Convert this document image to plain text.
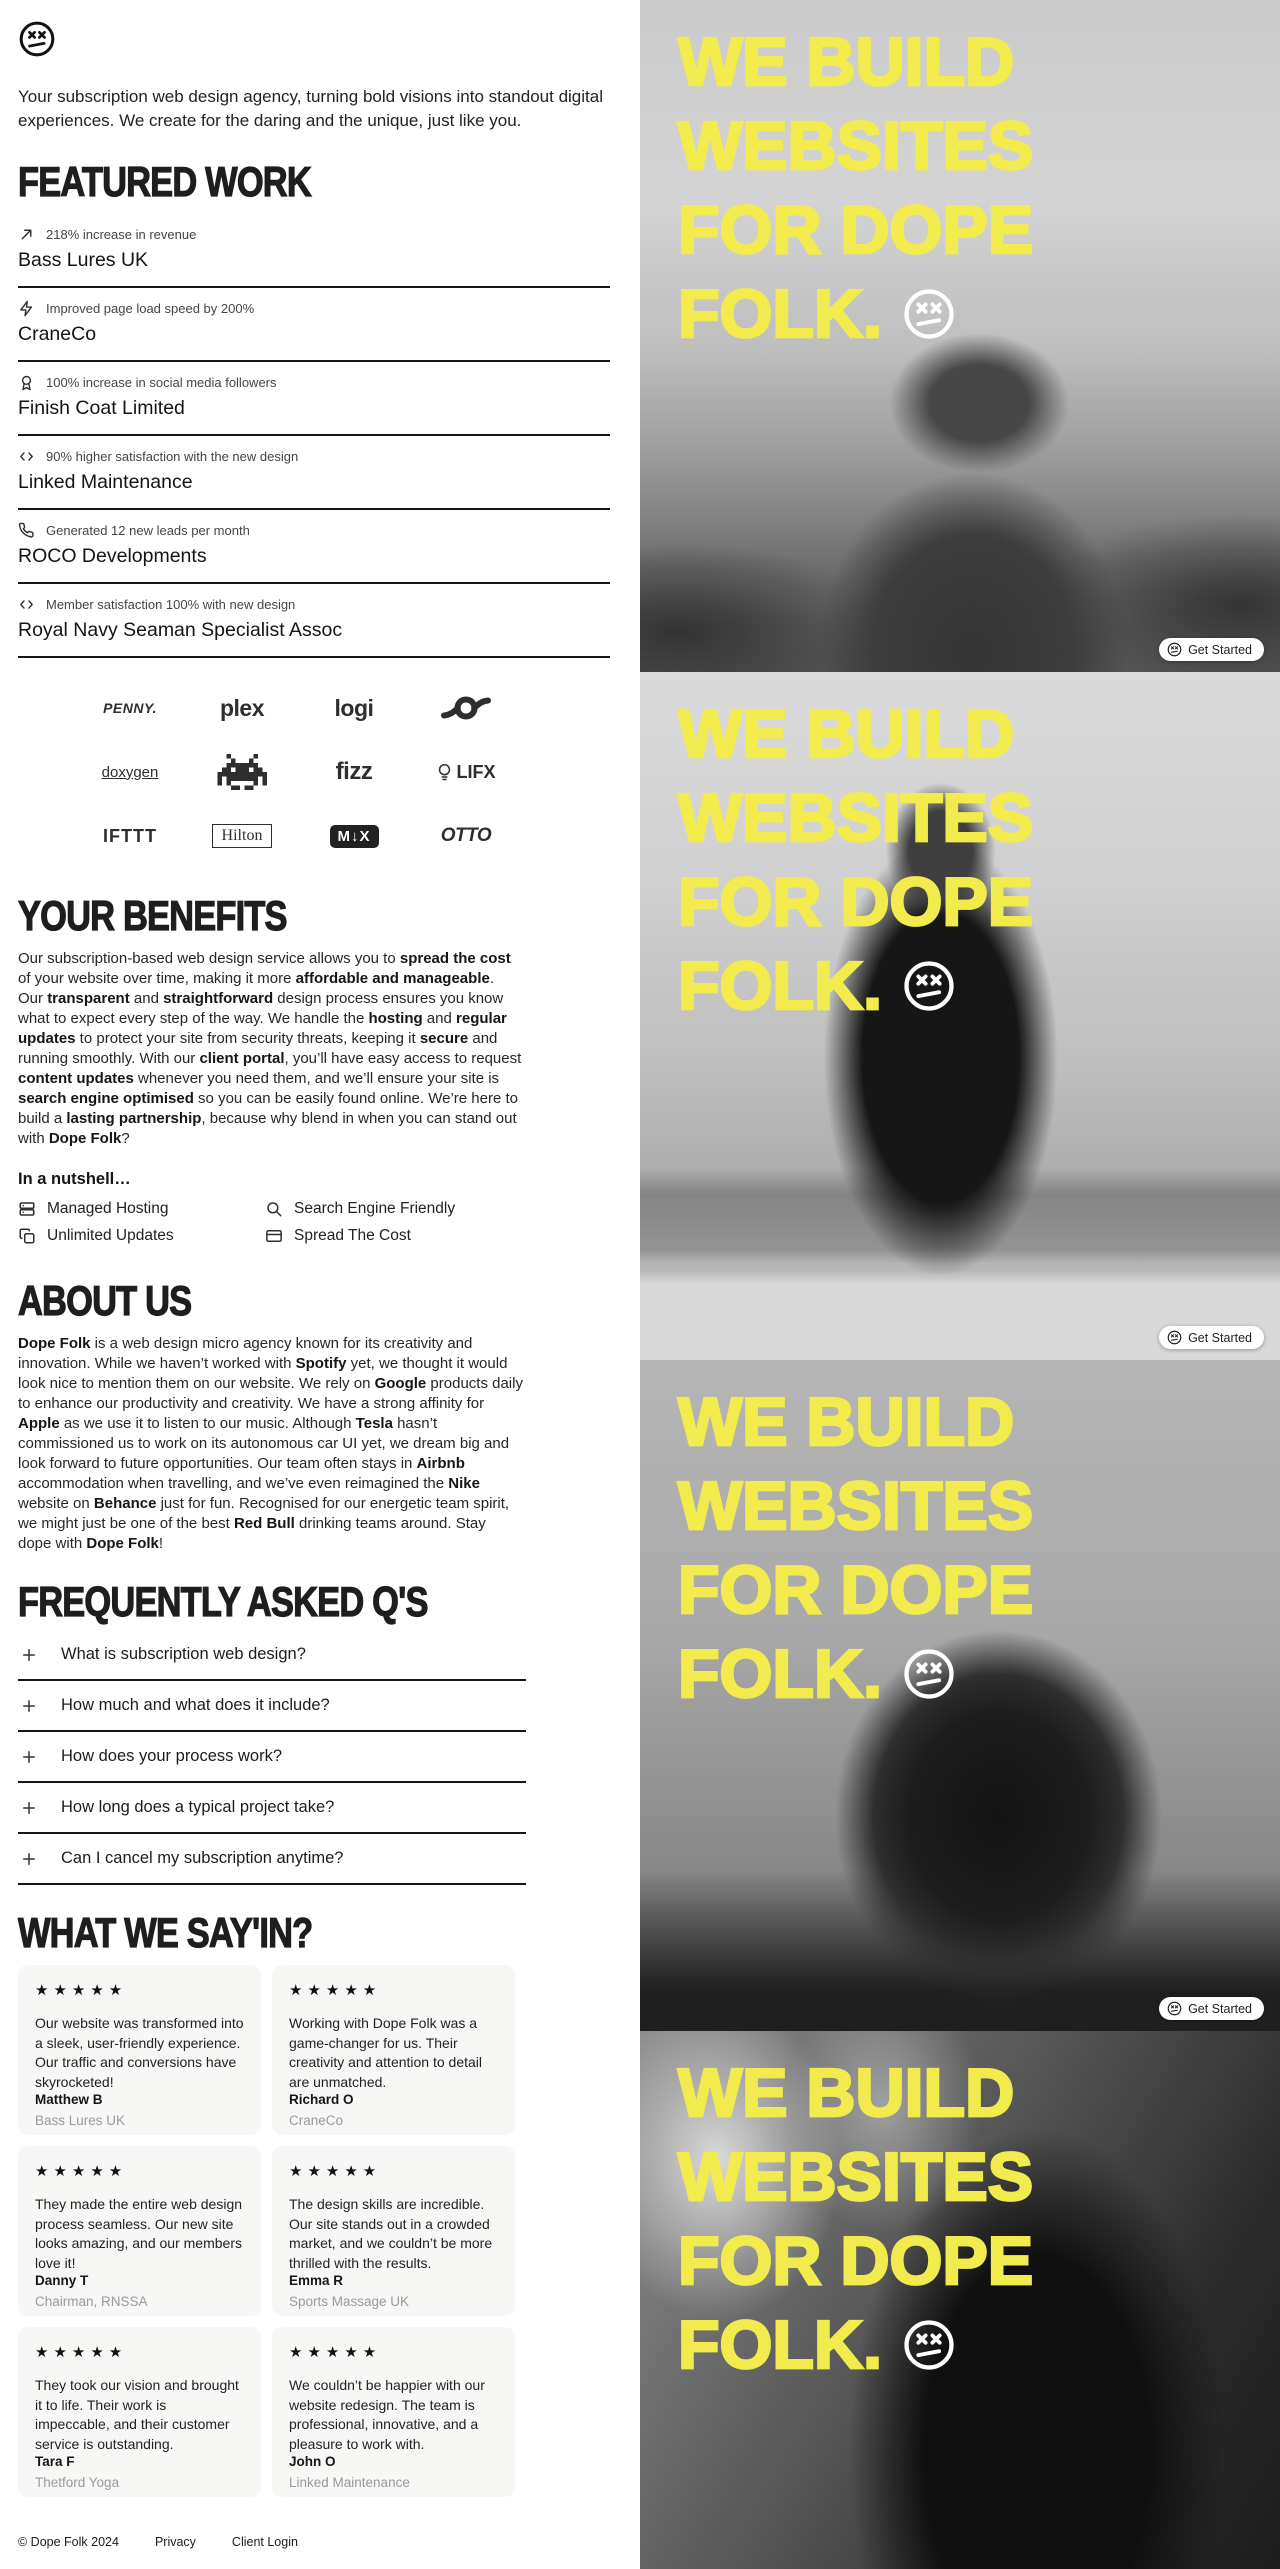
Your subscription web design agency, turning bold visions into standout digital experiences. We create for the daring and the unique, just like you.

FEATURED WORK
218% increase in revenue
Bass Lures UK
Improved page load speed by 200%
CraneCo
100% increase in social media followers
Finish Coat Limited
90% higher satisfaction with the new design
Linked Maintenance
Generated 12 new leads per month
ROCO Developments
Member satisfaction 100% with new design
Royal Navy Seaman Specialist Assoc
PENNY.	plex	logi
doxygen	fizz	LIFX
IFTTT	Hilton	M↓X	OTTO
YOUR BENEFITS

Our subscription-based web design service allows you to spread the cost of your website over time, making it more affordable and manageable. Our transparent and straightforward design process ensures you know what to expect every step of the way. We handle the hosting and regular updates to protect your site from security threats, keeping it secure and running smoothly. With our client portal, you’ll have easy access to request content updates whenever you need them, and we’ll ensure your site is search engine optimised so you can be easily found online. We’re here to build a lasting partnership, because why blend in when you can stand out with Dope Folk?

In a nutshell…

Managed Hosting	Search Engine Friendly
Unlimited Updates	Spread The Cost
ABOUT US

Dope Folk is a web design micro agency known for its creativity and innovation. While we haven’t worked with Spotify yet, we thought it would look nice to mention them on our website. We rely on Google products daily to enhance our productivity and creativity. We have a strong affinity for Apple as we use it to listen to our music. Although Tesla hasn’t commissioned us to work on its autonomous car UI yet, we dream big and look forward to future opportunities. Our team often stays in Airbnb accommodation when travelling, and we’ve even reimagined the Nike website on Behance just for fun. Recognised for our energetic team spirit, we might just be one of the best Red Bull drinking teams around. Stay dope with Dope Folk!

FREQUENTLY ASKED Q'S
What is subscription web design?
How much and what does it include?
How does your process work?
How long does a typical project take?
Can I cancel my subscription anytime?
WHAT WE SAY'IN?
★★★★★
Our website was transformed into a sleek, user-friendly experience. Our traffic and conversions have skyrocketed!
Matthew B
Bass Lures UK
★★★★★
Working with Dope Folk was a game-changer for us. Their creativity and attention to detail are unmatched.
Richard O
CraneCo
★★★★★
They made the entire web design process seamless. Our new site looks amazing, and our members love it!
Danny T
Chairman, RNSSA
★★★★★
The design skills are incredible. Our site stands out in a crowded market, and we couldn’t be more thrilled with the results.
Emma R
Sports Massage UK
★★★★★
They took our vision and brought it to life. Their work is impeccable, and their customer service is outstanding.
Tara F
Thetford Yoga
★★★★★
We couldn’t be happier with our website redesign. The team is professional, innovative, and a pleasure to work with.
John O
Linked Maintenance
© Dope Folk 2024	Privacy	Client Login
WE BUILD
WEBSITES
FOR DOPE
FOLK.
Get Started
WE BUILD
WEBSITES
FOR DOPE
FOLK.
Get Started
WE BUILD
WEBSITES
FOR DOPE
FOLK.
Get Started
WE BUILD
WEBSITES
FOR DOPE
FOLK.
